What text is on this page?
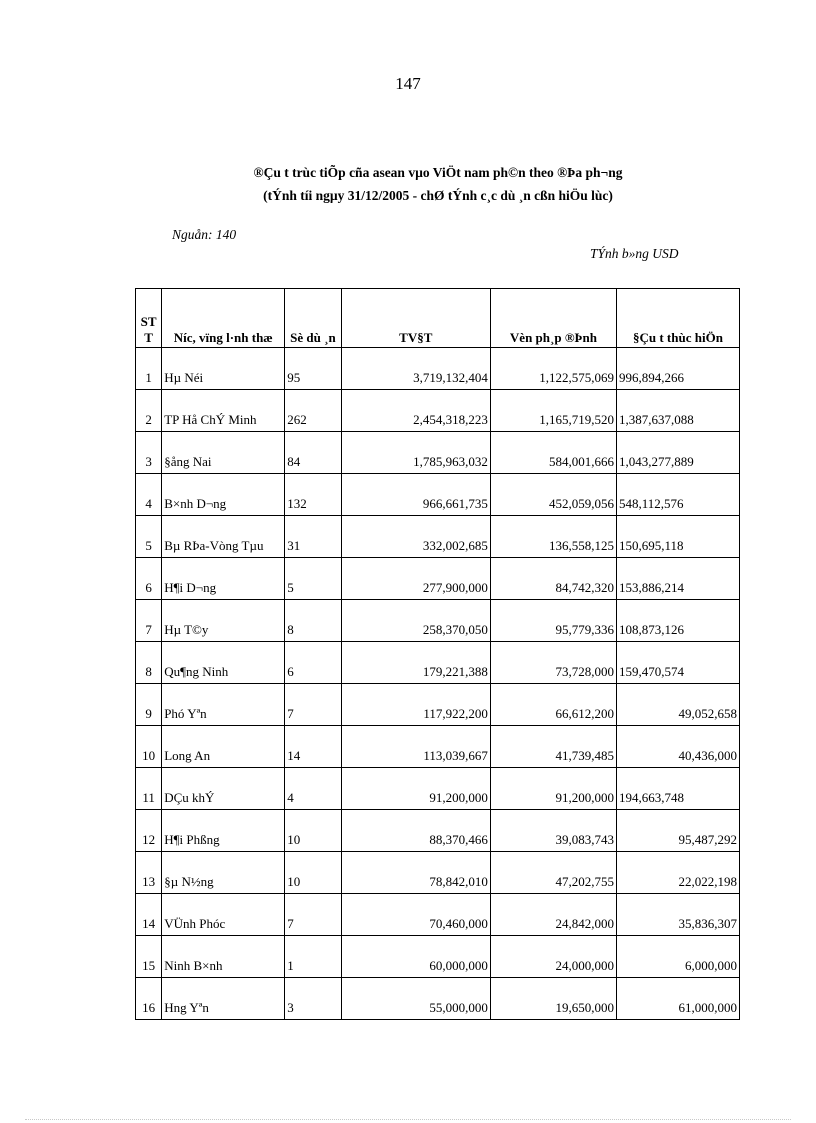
147
®Çu t trùc tiÕp cña asean vµo ViÖt nam ph©n theo ®Þa ph¬ng
(tÝnh tíi ngµy 31/12/2005 - chØ tÝnh c¸c dù ¸n cßn hiÖu lùc)
Nguån: 140
TÝnh b»ng USD
ST T	Níc, vïng l·nh thæ	Sè dù ¸n	TV§T	Vèn ph¸p ®Þnh	§Çu t thùc hiÖn
1	Hµ Néi	95	3,719,132,404	1,122,575,069	996,894,266
2	TP Hå ChÝ Minh	262	2,454,318,223	1,165,719,520	1,387,637,088
3	§ång Nai	84	1,785,963,032	584,001,666	1,043,277,889
4	B×nh D¬ng	132	966,661,735	452,059,056	548,112,576
5	Bµ RÞa-Vòng Tµu	31	332,002,685	136,558,125	150,695,118
6	H¶i D¬ng	5	277,900,000	84,742,320	153,886,214
7	Hµ T©y	8	258,370,050	95,779,336	108,873,126
8	Qu¶ng Ninh	6	179,221,388	73,728,000	159,470,574
9	Phó Yªn	7	117,922,200	66,612,200	49,052,658
10	Long An	14	113,039,667	41,739,485	40,436,000
11	DÇu khÝ	4	91,200,000	91,200,000	194,663,748
12	H¶i Phßng	10	88,370,466	39,083,743	95,487,292
13	§µ N½ng	10	78,842,010	47,202,755	22,022,198
14	VÜnh Phóc	7	70,460,000	24,842,000	35,836,307
15	Ninh B×nh	1	60,000,000	24,000,000	6,000,000
16	Hng Yªn	3	55,000,000	19,650,000	61,000,000
